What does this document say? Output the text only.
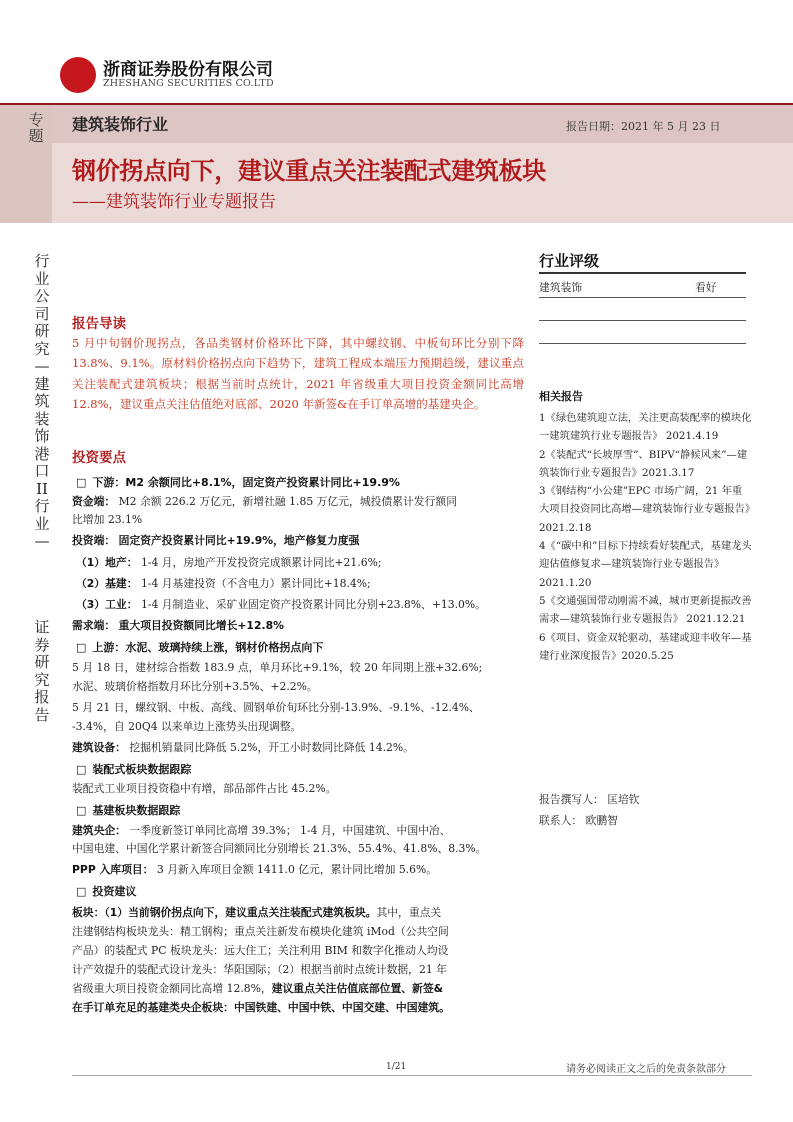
浙商证券股份有限公司
ZHESHANG SECURITIES CO.LTD
专题
建筑装饰行业	报告日期：2021 年 5 月 23 日
钢价拐点向下，建议重点关注装配式建筑板块
——建筑装饰行业专题报告
行业公司研究—建筑装饰港口II行业—
证券研究报告
报告导读
5 月中旬钢价现拐点，各品类钢材价格环比下降，其中螺纹钢、中板旬环比分别下降 13.8%、9.1%。原材料价格拐点向下趋势下，建筑工程成本端压力预期趋缓，建议重点关注装配式建筑板块；根据当前时点统计，2021 年省级重大项目投资金额同比高增 12.8%，建议重点关注估值绝对底部、2020 年新签&在手订单高增的基建央企。
投资要点
□ 下游：M2 余额同比+8.1%，固定资产投资累计同比+19.9%
资金端： M2 余额 226.2 万亿元，新增社融 1.85 万亿元，城投债累计发行额同
比增加 23.1%
投资端： 固定资产投资累计同比+19.9%，地产修复力度强
（1）地产： 1-4 月，房地产开发投资完成额累计同比+21.6%;
（2）基建： 1-4 月基建投资（不含电力）累计同比+18.4%;
（3）工业： 1-4 月制造业、采矿业固定资产投资累计同比分别+23.8%、+13.0%。
需求端： 重大项目投资额同比增长+12.8%
□ 上游：水泥、玻璃持续上涨，钢材价格拐点向下
5 月 18 日，建材综合指数 183.9 点，单月环比+9.1%，较 20 年同期上涨+32.6%;
水泥、玻璃价格指数月环比分别+3.5%、+2.2%。
5 月 21 日，螺纹钢、中板、高线、圆钢单价旬环比分别-13.9%、-9.1%、-12.4%、
-3.4%，自 20Q4 以来单边上涨势头出现调整。
建筑设备： 挖掘机销量同比降低 5.2%，开工小时数同比降低 14.2%。
□ 装配式板块数据跟踪
装配式工业项目投资稳中有增，部品部件占比 45.2%。
□ 基建板块数据跟踪
建筑央企： 一季度新签订单同比高增 39.3%； 1-4 月，中国建筑、中国中冶、
中国电建、中国化学累计新签合同额同比分别增长 21.3%、55.4%、41.8%、8.3%。
PPP 入库项目： 3 月新入库项目金额 1411.0 亿元，累计同比增加 5.6%。
□ 投资建议
板块：（1）当前钢价拐点向下，建议重点关注装配式建筑板块。其中，重点关
注建钢结构板块龙头：精工钢构；重点关注新发布模块化建筑 iMod（公共空间
产品）的装配式 PC 板块龙头：远大住工；关注利用 BIM 和数字化推动人均设
计产效提升的装配式设计龙头：华阳国际；（2）根据当前时点统计数据，21 年
省级重大项目投资金额同比高增 12.8%，建议重点关注估值底部位置、新签&
在手订单充足的基建类央企板块：中国铁建、中国中铁、中国交建、中国建筑。
行业评级
建筑装饰	看好
相关报告
1《绿色建筑迎立法，关注更高装配率的模块化一建筑建筑行业专题报告》 2021.4.19
2《装配式“长坡厚雪”、BIPV“静候风来”—建筑装饰行业专题报告》2021.3.17
3《钢结构“小公建”EPC 市场广阔，21 年重大项目投资同比高增—建筑装饰行业专题报告》2021.2.18
4《“碳中和”目标下持续看好装配式，基建龙头迎估值修复求—建筑装饰行业专题报告》2021.1.20
5《交通强国带动刚需不减，城市更新提振改善需求—建筑装饰行业专题报告》 2021.12.21
6《项目、资金双轮驱动，基建或迎丰收年—基建行业深度报告》2020.5.25
报告撰写人： 匡培钦
联系人： 欧鹏智
1/21	请务必阅读正文之后的免责条款部分
